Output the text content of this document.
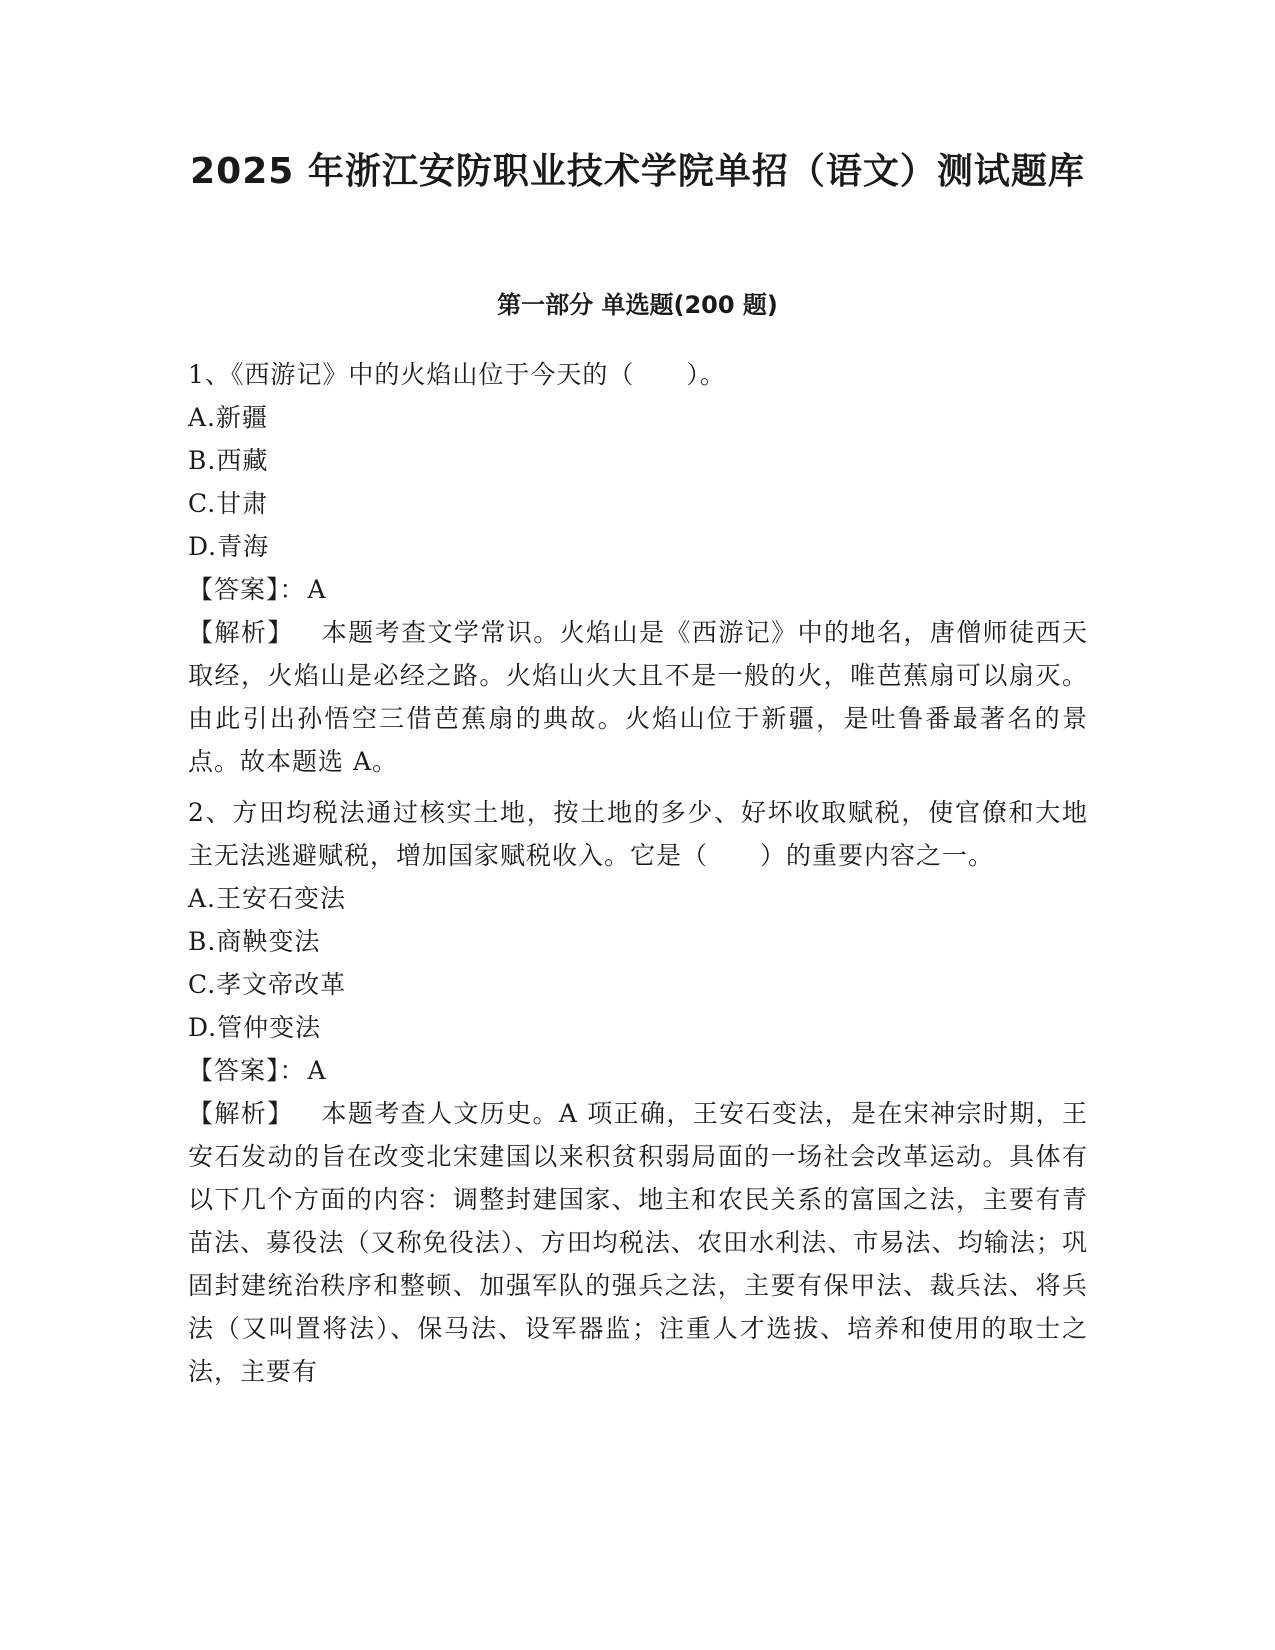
2025 年浙江安防职业技术学院单招（语文）测试题库
第一部分 单选题(200 题)

1、《西游记》中的火焰山位于今天的（　　）。

A.新疆

B.西藏

C.甘肃

D.青海

【答案】：A

【解析】 本题考查文学常识。火焰山是《西游记》中的地名，唐僧师徒西天取经，火焰山是必经之路。火焰山火大且不是一般的火，唯芭蕉扇可以扇灭。由此引出孙悟空三借芭蕉扇的典故。火焰山位于新疆，是吐鲁番最著名的景点。故本题选 A。

2、方田均税法通过核实土地，按土地的多少、好坏收取赋税，使官僚和大地主无法逃避赋税，增加国家赋税收入。它是（　　）的重要内容之一。

A.王安石变法

B.商鞅变法

C.孝文帝改革

D.管仲变法

【答案】：A

【解析】 本题考查人文历史。A 项正确，王安石变法，是在宋神宗时期，王安石发动的旨在改变北宋建国以来积贫积弱局面的一场社会改革运动。具体有以下几个方面的内容：调整封建国家、地主和农民关系的富国之法，主要有青苗法、募役法（又称免役法）、方田均税法、农田水利法、市易法、均输法；巩固封建统治秩序和整顿、加强军队的强兵之法，主要有保甲法、裁兵法、将兵法（又叫置将法）、保马法、设军器监；注重人才选拔、培养和使用的取士之法，主要有
